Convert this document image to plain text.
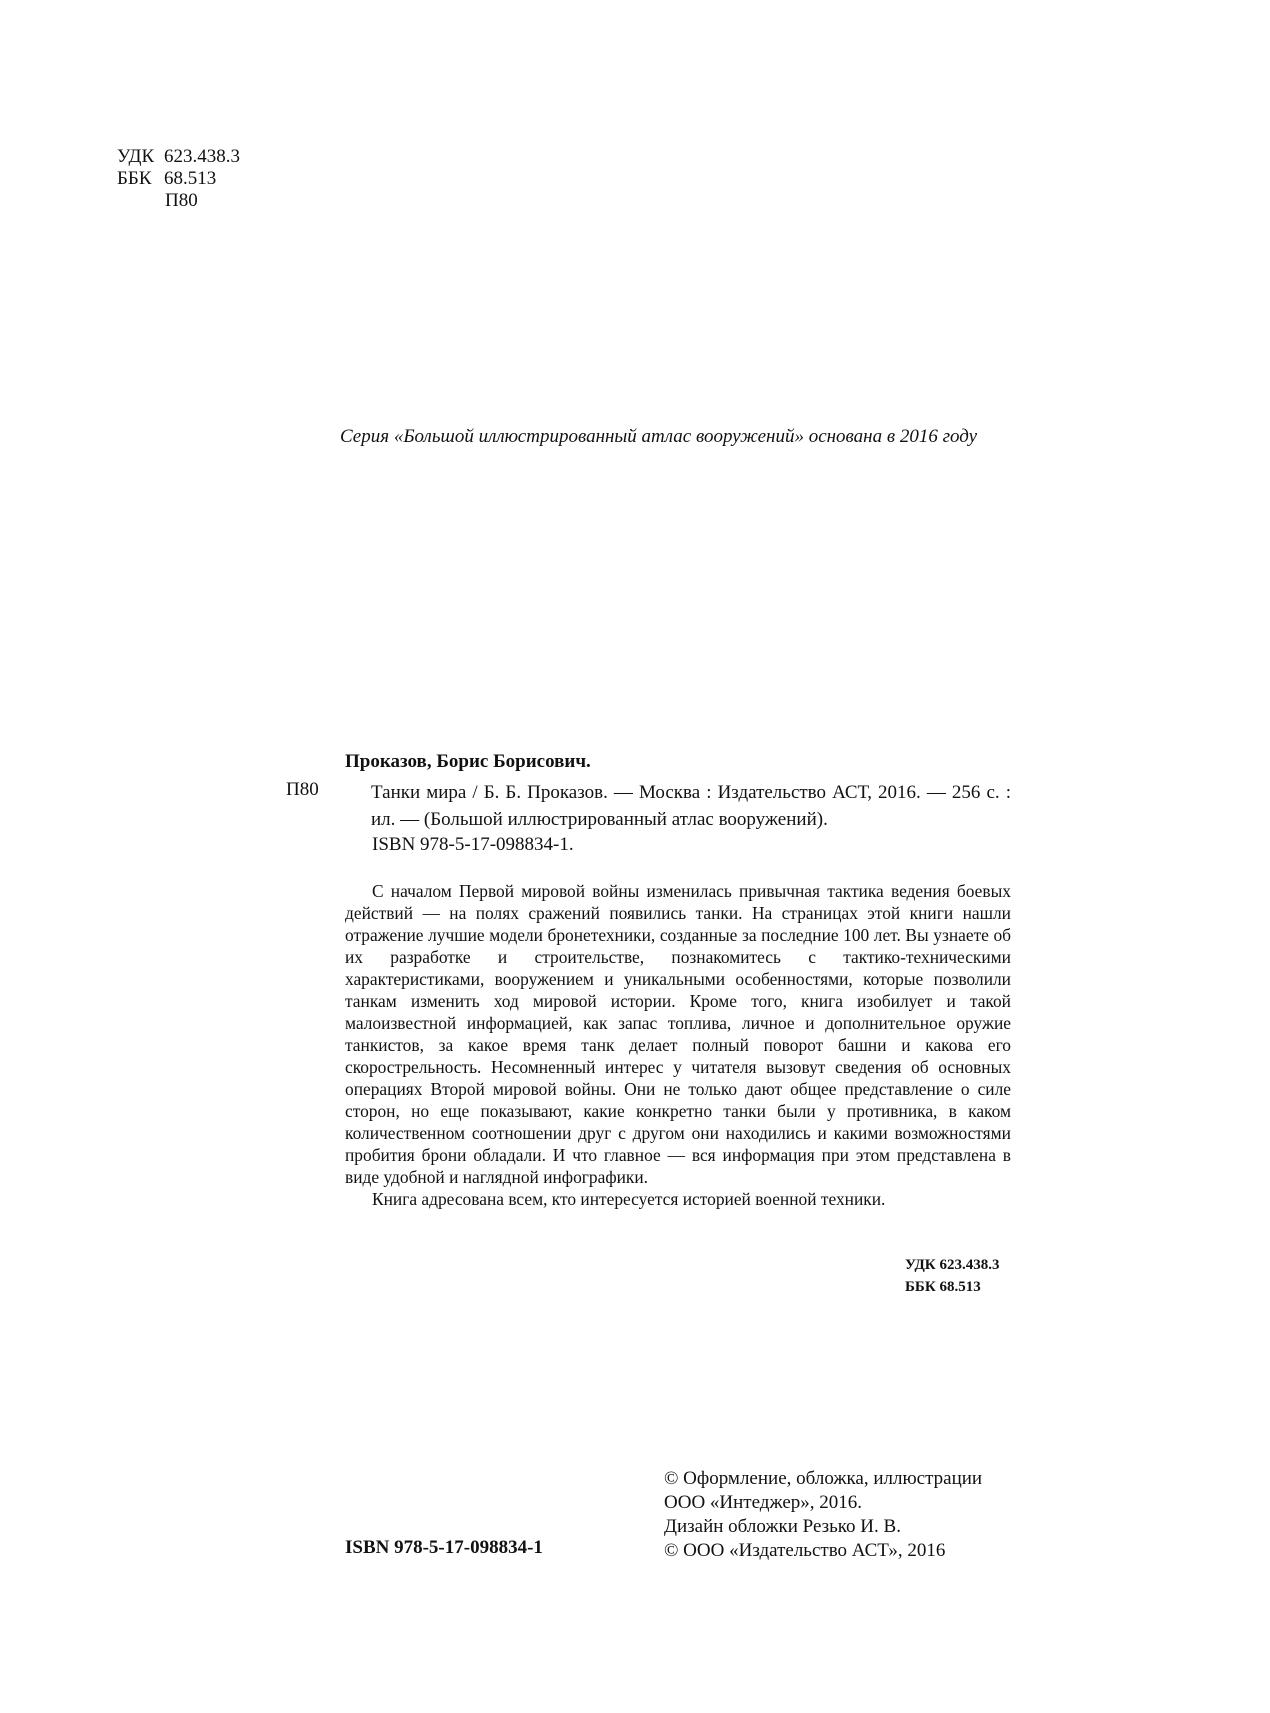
УДК 623.438.3
ББК 68.513
П80
Серия «Большой иллюстрированный атлас вооружений» основана в 2016 году
Проказов, Борис Борисович.
П80	Танки мира / Б. Б. Проказов. — Москва : Издательство АСТ, 2016. — 256 с. : ил. — (Большой иллюстрированный атлас вооружений).
ISBN 978-5-17-098834-1.

С началом Первой мировой войны изменилась привычная тактика ведения боевых действий — на полях сражений появились танки. На страницах этой книги нашли отражение лучшие модели бронетехники, созданные за последние 100 лет. Вы узнаете об их разработке и строительстве, познакомитесь с тактико-техническими характеристиками, вооружением и уникальными особенностями, которые позволили танкам изменить ход мировой истории. Кроме того, книга изобилует и такой малоизвестной информацией, как запас топлива, личное и дополнительное оружие танкистов, за какое время танк делает полный поворот башни и какова его скорострельность. Несомненный интерес у читателя вызовут сведения об основных операциях Второй мировой войны. Они не только дают общее представление о силе сторон, но еще показывают, какие конкретно танки были у противника, в каком количественном соотношении друг с другом они находились и какими возможностями пробития брони обладали. И что главное — вся информация при этом представлена в виде удобной и наглядной инфографики.

Книга адресована всем, кто интересуется историей военной техники.

УДК 623.438.3
ББК 68.513
ISBN 978-5-17-098834-1
© Оформление, обложка, иллюстрации
ООО «Интеджер», 2016.
Дизайн обложки Резько И. В.
© ООО «Издательство АСТ», 2016
